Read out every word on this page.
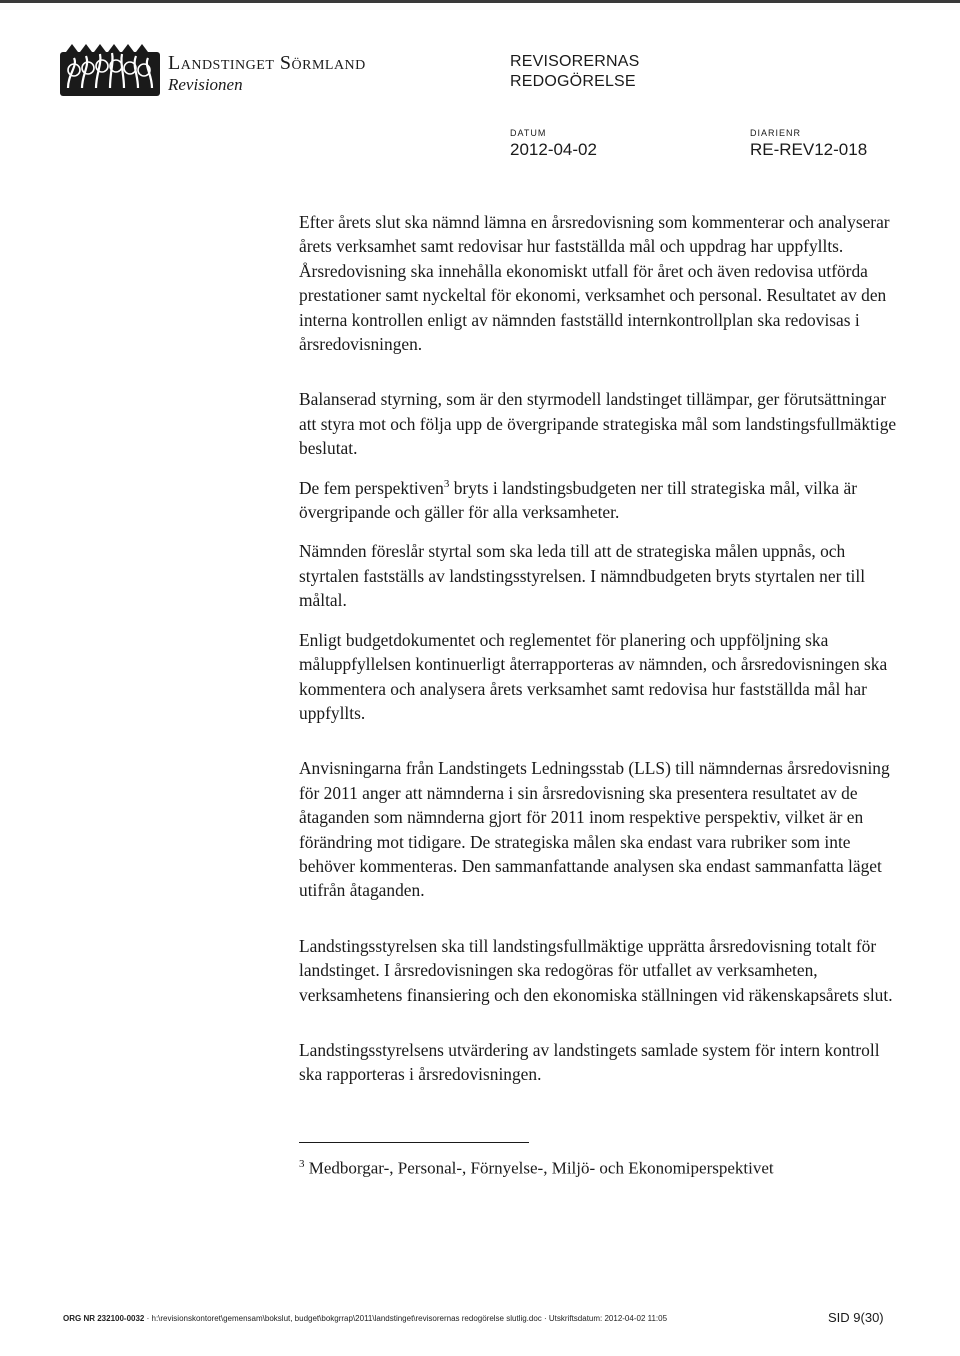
Landstinget Sörmland
Revisionen
REVISORERNAS
REDOGÖRELSE
DATUM
2012-04-02
DIARIENR
RE-REV12-018

Efter årets slut ska nämnd lämna en årsredovisning som kommenterar och analyserar årets verksamhet samt redovisar hur fastställda mål och uppdrag har uppfyllts. Årsredovisning ska innehålla ekonomiskt utfall för året och även redovisa utförda prestationer samt nyckeltal för ekonomi, verksamhet och personal. Resultatet av den interna kontrollen enligt av nämnden fastställd internkontrollplan ska redovisas i årsredovisningen.

Balanserad styrning, som är den styrmodell landstinget tillämpar, ger förutsättningar att styra mot och följa upp de övergripande strategiska mål som landstingsfullmäktige beslutat.

De fem perspektiven$^3$ bryts i landstingsbudgeten ner till strategiska mål, vilka är övergripande och gäller för alla verksamheter.

Nämnden föreslår styrtal som ska leda till att de strategiska målen uppnås, och styrtalen fastställs av landstingsstyrelsen. I nämndbudgeten bryts styrtalen ner till måltal.

Enligt budgetdokumentet och reglementet för planering och uppföljning ska måluppfyllelsen kontinuerligt återrapporteras av nämnden, och årsredovisningen ska kommentera och analysera årets verksamhet samt redovisa hur fastställda mål har uppfyllts.

Anvisningarna från Landstingets Ledningsstab (LLS) till nämndernas årsredovisning för 2011 anger att nämnderna i sin årsredovisning ska presentera resultatet av de åtaganden som nämnderna gjort för 2011 inom respektive perspektiv, vilket är en förändring mot tidigare. De strategiska målen ska endast vara rubriker som inte behöver kommenteras. Den sammanfattande analysen ska endast sammanfatta läget utifrån åtaganden.

Landstingsstyrelsen ska till landstingsfullmäktige upprätta årsredovisning totalt för landstinget. I årsredovisningen ska redogöras för utfallet av verksamheten, verksamhetens finansiering och den ekonomiska ställningen vid räkenskapsårets slut.

Landstingsstyrelsens utvärdering av landstingets samlade system för intern kontroll ska rapporteras i årsredovisningen.

$^3$ Medborgar-, Personal-, Förnyelse-, Miljö- och Ekonomiperspektivet
ORG NR 232100-0032 · h:\revisionskontoret\gemensam\bokslut, budget\bokgrrap\2011\landstinget\revisorernas redogörelse slutlig.doc · Utskriftsdatum: 2012-04-02 11:05	SID 9(30)
